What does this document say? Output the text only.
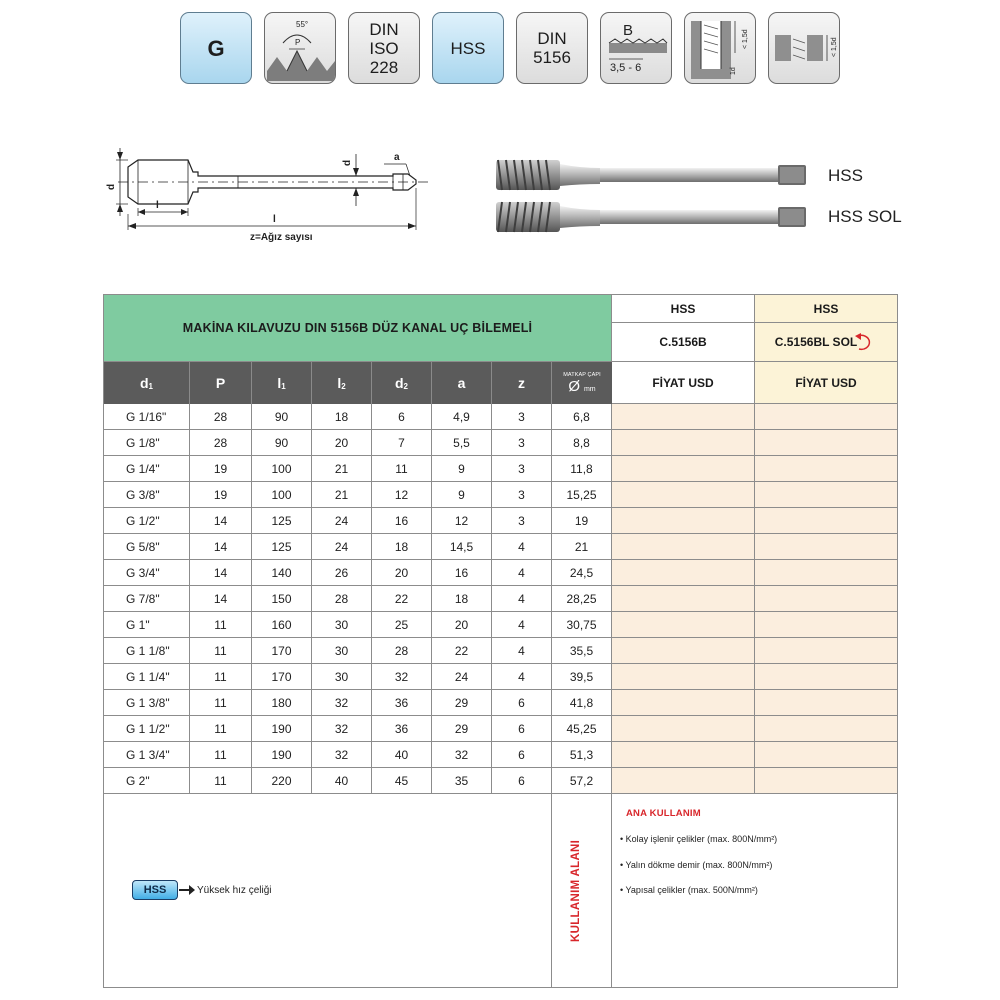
G
55°
P
DIN
ISO
228
HSS	DIN
5156
B
3,5 - 6
< 1,5d
1d
< 1,5d
d
l
l
d	a
z=Ağız sayısı
HSS
HSS SOL
MAKİNA KILAVUZU DIN 5156B DÜZ KANAL UÇ BİLEMELİ
HSS	HSS
C.5156B	C.5156BL SOL
FİYAT USD	FİYAT USD
$d_1$	P	$l_1$	$l_2$	$d_2$	a	z	MATKAP ÇAPI
Ø mm
G 1/16"	28	90	18	6	4,9	3	6,8
G 1/8"	28	90	20	7	5,5	3	8,8
G 1/4"	19	100	21	11	9	3	11,8
G 3/8"	19	100	21	12	9	3	15,25
G 1/2"	14	125	24	16	12	3	19
G 5/8"	14	125	24	18	14,5	4	21
G 3/4"	14	140	26	20	16	4	24,5
G 7/8"	14	150	28	22	18	4	28,25
G 1"	11	160	30	25	20	4	30,75
G 1 1/8"	11	170	30	28	22	4	35,5
G 1 1/4"	11	170	30	32	24	4	39,5
G 1 3/8"	11	180	32	36	29	6	41,8
G 1 1/2"	11	190	32	36	29	6	45,25
G 1 3/4"	11	190	32	40	32	6	51,3
G 2"	11	220	40	45	35	6	57,2
HSS	Yüksek hız çeliği	KULLANIM ALANI
ANA KULLANIM
• Kolay işlenir çelikler (max. 800N/mm²)
• Yalın dökme demir (max. 800N/mm²)
• Yapısal çelikler (max. 500N/mm²)
